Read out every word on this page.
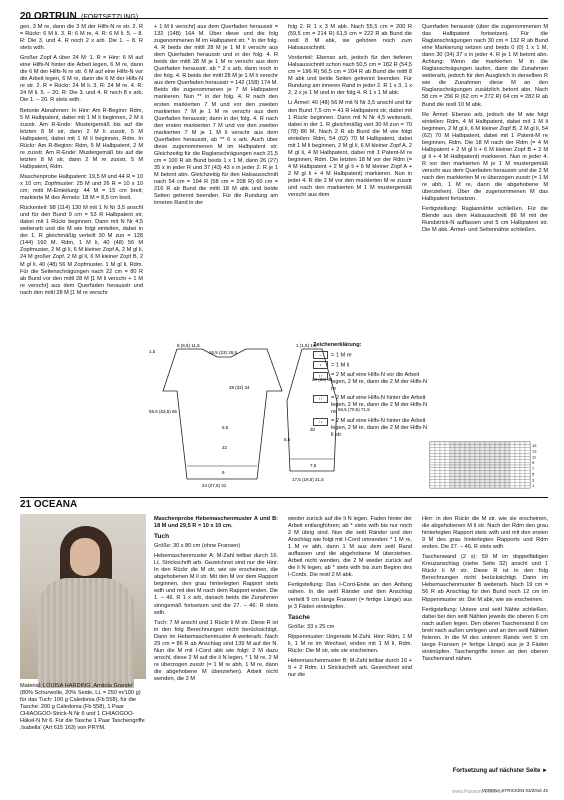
20 ORTRUN (FORTSETZUNG)

gen, 3 M re, dann die 3 M der Hilfs-N re str. 2. R = Rückr: 6 M li. 3. R: 6 M re, 4. R: 6 M li. 5. – 8. R: Die 3. und 4. R noch 2 x arb. Die 1. – 8. R stets wdh.

Großer Zopf A über 24 M: 1. R = Hinr: 6 M auf eine Hilfs-N hinter die Arbeit legen, 6 M re, dann die 6 M der Hilfs-N re str. 6 M auf eine Hilfs-N vor die Arbeit legen, 6 M re, dann die 6 M der Hilfs-N re str. 2. R = Rückr: 24 M li. 3. R: 24 M re. 4. R: 24 M li. 5. – 20. R: Die 3. und 4. R noch 8 x arb. Die 1. – 20. R stets wdh.

Betonte Abnahmen: In Hinr: Am R-Beginn: Rdm, 5 M Halbpatent, dabei mit 1 M li beginnen, 2 M li zusstr. Am R-Ende: Mustergemäß bis auf die letzten 8 M str, dann 2 M li zusstr, 5 M Halbpatent, dabei mit 1 M li beginnen, Rdm. In Rückr: Am R-Beginn: Rdm, 5 M Halbpatent, 2 M re zusstr. Am R-Ende: Mustergemäß bis auf die letzten 8 M str, dann 2 M re zusstr, 5 M Halbpatent, Rdm.

Maschenprobe Halbpatent: 19,5 M und 44 R = 10 x 10 cm; Zopfmuster: 25 M und 26 R = 10 x 10 cm; mitti M-Einteilung: 44 M = 15 cm breit; markierte M des Ärmels: 18 M = 8,5 cm breit.

Rückenteil: 98 (114) 130 M mit 1 N Nr 3,5 anschl und für den Bund 9 cm = 53 R Halbpatent str, dabei mit 1 Rückr beginnen. Dann mit N Nr 4,5 weiterarb und die M wie folgt einteilen, dabei in der 1. R gleichmäßig verteilt 30 M zun = 128 (144) 160 M. Rdm, 1 M li, 40 (48) 56 M Zopfmuster, 2 M gl li, 6 M kleiner Zopf A, 2 M gl li, 24 M großer Zopf, 2 M gl li, 6 M kleiner Zopf B, 2 M gl li, 40 (48) 56 M Zopfmuster, 1 M gl li, Rdm. Für die Seitenschrägungen nach 22 cm = 80 R ab Bund vor den mittl 28 M [1 M li verschr + 1 M re verschr] aus dem Querfaden herausstr und nach den mittl 28 M [1 M re verschr

+ 1 M li verschr] aus dem Querfaden herausstr = 132 (148) 164 M. Über diese und die folg zugenommenen M im Halbpatent str. * In der folg. 4. R beids der mittl 28 M je 1 M li verschr aus dem Querfaden herausstr und in der folg. 4. R beids der mittl 28 M je 1 M re verschr aus dem Querfaden herausstr, ab * 2 x arb, dann noch in der folg. 4. R beids der mittl 28 M je 1 M li verschr aus dem Querfaden herausstr = 142 (158) 174 M. Beids die zugenommenen je 7 M Halbpatent markieren. Nun ** in der folg. 4. R nach den ersten markierten 7 M und vor den zweiten markierten 7 M je 1 M re verschr aus dem Querfaden herausstr; dann in der folg. 4. R nach den ersten markierten 7 M und vor den zweiten markierten 7 M je 1 M li verschr aus dem Querfaden herausstr, ab ** 6 x arb. Auch über diese zugenommenen M im Halbpatent str. Gleichzeitig für die Raglanschrägungen nach 21,5 cm = 100 R ab Bund beids 1 x 1 M, dann 26 (27) 35 x in jeder R und 37 (43) 43 x in jeder 2. R je 1 M betont abn. Gleichzeitig für den Halsausschnitt nach 54 cm = 194 R (58 cm = 208 R) 60 cm = 216 R ab Bund die mittl 18 M abk und beide Seiten getrennt beenden. Für die Rundung am inneren Rand in der

folg 2. R 1 x 3 M abk. Nach 55,5 cm = 200 R (59,5 cm = 214 R) 61,5 cm = 222 R ab Bund die restl 8 M abk, sie gehören noch zum Halsausschnitt.

Vorderteil: Ebenso arb, jedoch für den tieferen Halsausschnitt schon nach 50,5 cm = 182 R (54,5 cm = 196 R) 56,5 cm = 204 R ab Bund die mittl 8 M abk und beide Seiten getrennt beenden. Für Rundung am inneren Rand in jeder 2. R 1 x 3, 1 x 2, 2 x je 1 M und in der folg 4. R 1 x 1 M abk.

Li Ärmel: 40 (48) 56 M mit N Nr 3,5 anschl und für den Bund 7,5 cm = 41 R Halbpatent str, dabei mit 1 Rückr beginnen. Dann mit N Nr 4,5 weiterarb, dabei in der 1. R gleichmäßig vert 30 M zun = 70 (78) 86 M. Nach 2 R ab Bund die M wie folgt einteilen: Rdm, 54 (62) 70 M Halbpatent, dabei mit 1 M li beginnen, 2 M gl li, 6 M kleiner Zopf A, 2 M gl li, 4 M Halbpatent, dabei mit 1 Patent-M re beginnen, Rdm. Die letzten 18 M vor der Rdm (= 4 M Halbpatent + 2 M gl li + 6 M kleiner Zopf A + 2 M gl li + 4 M Halbpatent) markieren. Nun in jeder 4. R die 2 M vor den markierten M re zusstr und nach den markierten M 1 M mustergemäß verschr aus dem

Querfaden herausstr (über die zugenommenen M das Halbpatent fortsetzen). Für die Raglanschrägungen nach 30 cm = 132 R ab Bund eine Markierung setzen und beids 0 (0) 1 x 1 M, dann 30 (34) 37 x in jeder 4. R je 1 M betont abn. Achtung: Wenn die markierten M in die Raglanschrägungen laufen, dann die Zunahmen weiterarb, jedoch für den Ausgleich in derselben R wie die Zunahmen diese M an den Raglanschrägungen zusätzlich betont abn. Nach 58 cm = 256 R (62 cm = 272 R) 64 cm = 282 R ab Bund die restl 10 M abk.

Re Ärmel: Ebenso arb, jedoch die M wie folgt einteilen: Rdm, 4 M Halbpatent, dabei mit 1 M li beginnen, 2 M gl li, 6 M kleiner Zopf B, 2 M gl li, 54 (62) 70 M Halbpatent, dabei mit 1 Patent-M re beginnen, Rdm. Die 18 M nach der Rdm (= 4 M Halbpatent + 2 M gl li + 6 M kleiner Zopf B + 2 M gl li + 4 M Halbpatent) markieren. Nun in jeder 4. R vor den markierten M je 1 M mustergemäß verschr aus dem Querfaden herausstr und die 2 M nach den markierten M re überzogen zusstr (= 1 M re abh, 1 M re, dann die abgehobene M überziehen). Über die zugenommenen M das Halbpatent fortsetzen.

Fertigstellung: Raglannähte schließen. Für die Blende aus dem Halsausschnitt 86 M mit der Rundstrick-N auffassen und 5 cm Halbpatent str. Die M abk. Ärmel- und Seitennähte schließen.

8 (9,5) 11,5
16,5 (23) 26,5
1,5
28 (32) 34
59,5 (63,5) 65
5,5
22
9
24 (27,5) 31
1 (1,5) 1,5
28 (32) 34
66,5 (70,5) 71,5
30
7,5
17,5 (19,5) 21,5
5,5
Zeichenerklärung:
– = 1 M re
• = 1 M li
/ /	= 2 M auf eine Hilfs-N vor die Arbeit legen, 2 M re, dann die 2 M der Hilfs-N re
\ \	= 2 M auf eine Hilfs-N hinter die Arbeit legen, 2 M re, dann die 2 M der Hilfs-N re
/ •	= 2 M auf eine Hilfs-N hinter die Arbeit legen, 2 M re, dann die 2 M der Hilfs-N li str
15
13
11
9
7
5
3
1
21 OCEANA
Material: LOUISA HARDING ‚Amitola Grande' (80% Schurwolle, 20% Seide, LL = 250 m/100 g) für das Tuch: 100 g Caledonia (Fb 558), für die Tasche: 200 g Caledonia (Fb 558), 1 Paar CHIAOGOO-Strick-N Nr 6 und 1 CHIAOGOO-Häkel-N Nr 6. Für die Tasche 1 Paar Taschengriffe ‚Isabella' (Art 615 163) von PRYM.

Maschenprobe Hebemaschenmuster A und B: 18 M und 29,5 R = 10 x 10 cm.

Tuch

Größe: 30 x 80 cm (ohne Fransen)

Hebemaschenmuster A: M-Zahl teilbar durch 16. Lt. Strickschrift arb. Gezeichnet sind nur die Hinr. In den Rückr die M str, wie sie erscheinen, die abgehobenen M li str. Mit den M vor dem Rapport beginnen, den grau hinterlegten Rapport stets wdh und mit den M nach dem Rapport enden. Die 1. – 46. R 1 x arb, danach beids die Zunahmen sinngemäß fortsetzen und die 27. – 46. R stets wdh.

Tuch: 7 M anschl und 1 Rückr li M str. Diese R ist in den folg Berechnungen nicht berücksichtigt. Dann im Hebemaschenmuster A weiterarb. Nach 29 cm = 86 R ab Anschlag sind 139 M auf der N. Nun die M mit I-Cord abk wie folgt: 2 M dazu anschl, diese 2 M auf die li N legen, * 1 M re, 2 M re überzogen zusstr (= 1 M re abh, 1 M re, dann die abgehobene M überziehen). Arbeit nicht wenden, die 2 M

wieder zurück auf die li N legen. Faden hinter der Arbeit entlangführen; ab * stets wdh bis nur noch 2 M übrig sind. Nun die seitl Ränder und den Anschlag wie folgt mit I-Cord umranden: * 1 M re, 1 M re abh, dann 1 M aus dem seitl Rand auffassen und die abgehobene M überziehen. Arbeit nicht wenden, die 2 M wieder zurück auf die li N legen, ab * stets wdh bis zum Beginn des I-Cords. Die restl 2 M abk.

Fertigstellung: Das I-Cord-Ende an den Anfang nähen. In die seitl Ränder und den Anschlag verteilt 9 cm lange Fransen (= fertige Länge) aus je 3 Fäden einknüpfen.

Tasche

Größe: 33 x 25 cm

Rippenmuster: Ungerade M-Zahl. Hinr: Rdm, 1 M li, 1 M re im Wechsel, enden mit 1 M li, Rdm. Rückr: Die M str, wie sie erscheinen.

Hebemaschenmuster B: M-Zahl teilbar durch 16 + 9 + 2 Rdm. Lt Strickschrift arb. Gezeichnet sind nur die

Hinr: in den Rückr die M str. wie sie erscheinen, die abgehobenen M li str. Nach der Rdm den grau hinterlegten Rapport stets wdh und mit den ersten 9 M des grau hinterlegten Rapports und Rdm enden. Die 27. – 46. R stets wdh.

Taschenwand (2 x): 59 M im doppelfädigen Kreuzanschlag (siehe Seite 32) anschl und 1 Rückr li M str. Diese R ist in den folg Berechnungen nicht berücksichtigt. Dann im Hebemaschenmuster B weiterarb. Nach 19 cm = 56 R ab Anschlag für den Bund noch 12 cm im Rippenmuster str. Die M abk, wie sie erscheinen.

Fertigstellung: Untere und seitl Nähte schließen, dabei bei den seitl Nähten jeweils die oberen 6 cm nach außen legen. Den oberen Taschenrand 6 cm breit nach außen umlegen und an den seitl Nähten fixieren. In die M des unteren Rands vert 9 cm lange Fransen (= fertige Länge) aus je 3 Fäden einknüpfen. Taschengriffe innen an den oberen Taschenrand nähen.

Fortsetzung auf nächster Seite ►
VERENA STRICKEN 03/2016 45
www.PassionForum.ru
